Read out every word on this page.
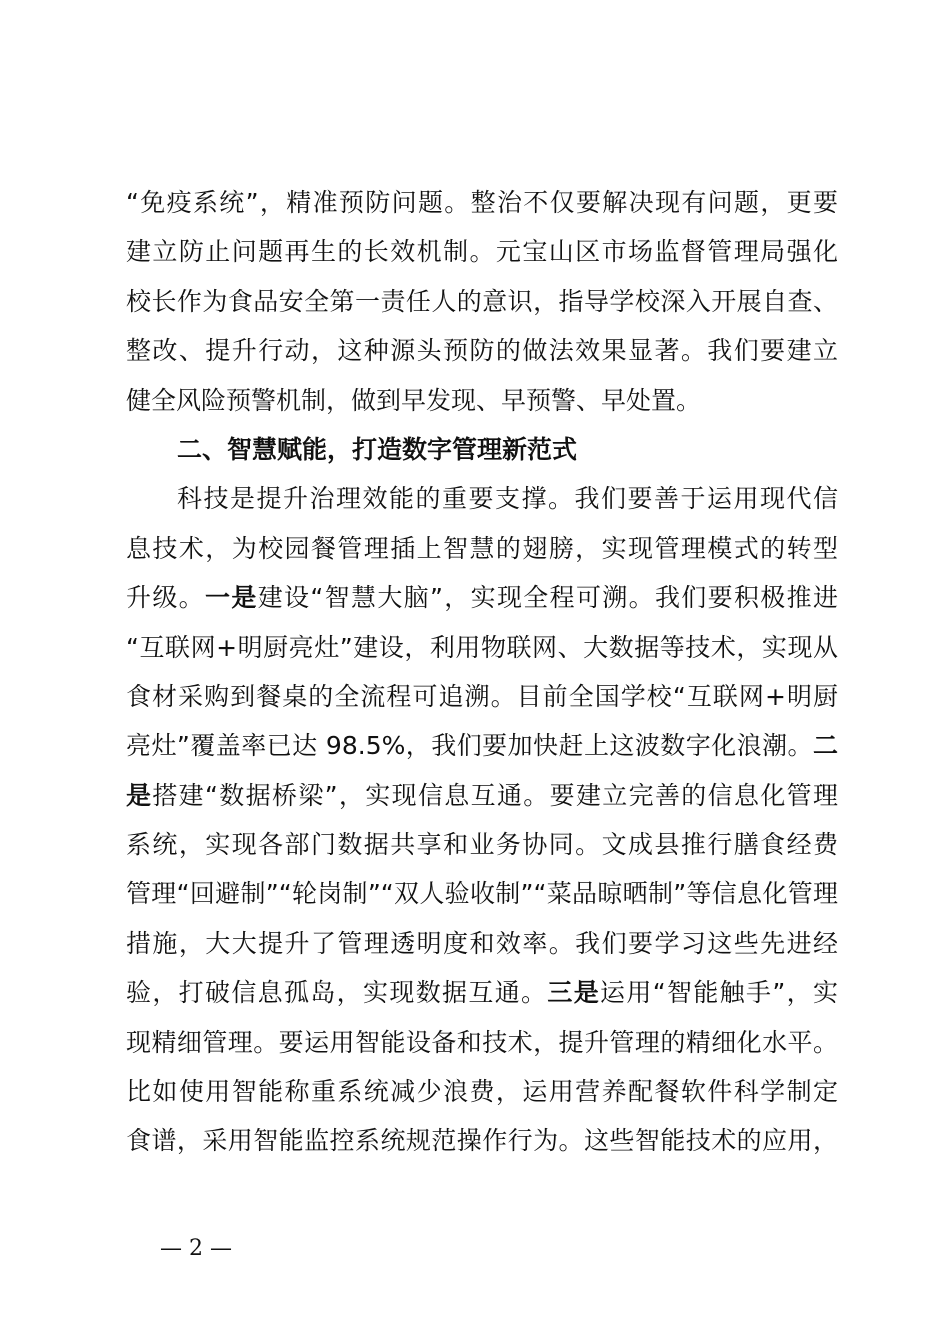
“免疫系统”，精准预防问题。整治不仅要解决现有问题，更要
建立防止问题再生的长效机制。元宝山区市场监督管理局强化
校长作为食品安全第一责任人的意识，指导学校深入开展自查、
整改、提升行动，这种源头预防的做法效果显著。我们要建立
健全风险预警机制，做到早发现、早预警、早处置。
二、智慧赋能，打造数字管理新范式
科技是提升治理效能的重要支撑。我们要善于运用现代信
息技术，为校园餐管理插上智慧的翅膀，实现管理模式的转型
升级。一是建设“智慧大脑”，实现全程可溯。我们要积极推进
“互联网+明厨亮灶”建设，利用物联网、大数据等技术，实现从
食材采购到餐桌的全流程可追溯。目前全国学校“互联网+明厨
亮灶”覆盖率已达 98.5%，我们要加快赶上这波数字化浪潮。二
是搭建“数据桥梁”，实现信息互通。要建立完善的信息化管理
系统，实现各部门数据共享和业务协同。文成县推行膳食经费
管理“回避制”“轮岗制”“双人验收制”“菜品晾晒制”等信息化管理
措施，大大提升了管理透明度和效率。我们要学习这些先进经
验，打破信息孤岛，实现数据互通。三是运用“智能触手”，实
现精细管理。要运用智能设备和技术，提升管理的精细化水平。
比如使用智能称重系统减少浪费，运用营养配餐软件科学制定
食谱，采用智能监控系统规范操作行为。这些智能技术的应用，
— 2 —
